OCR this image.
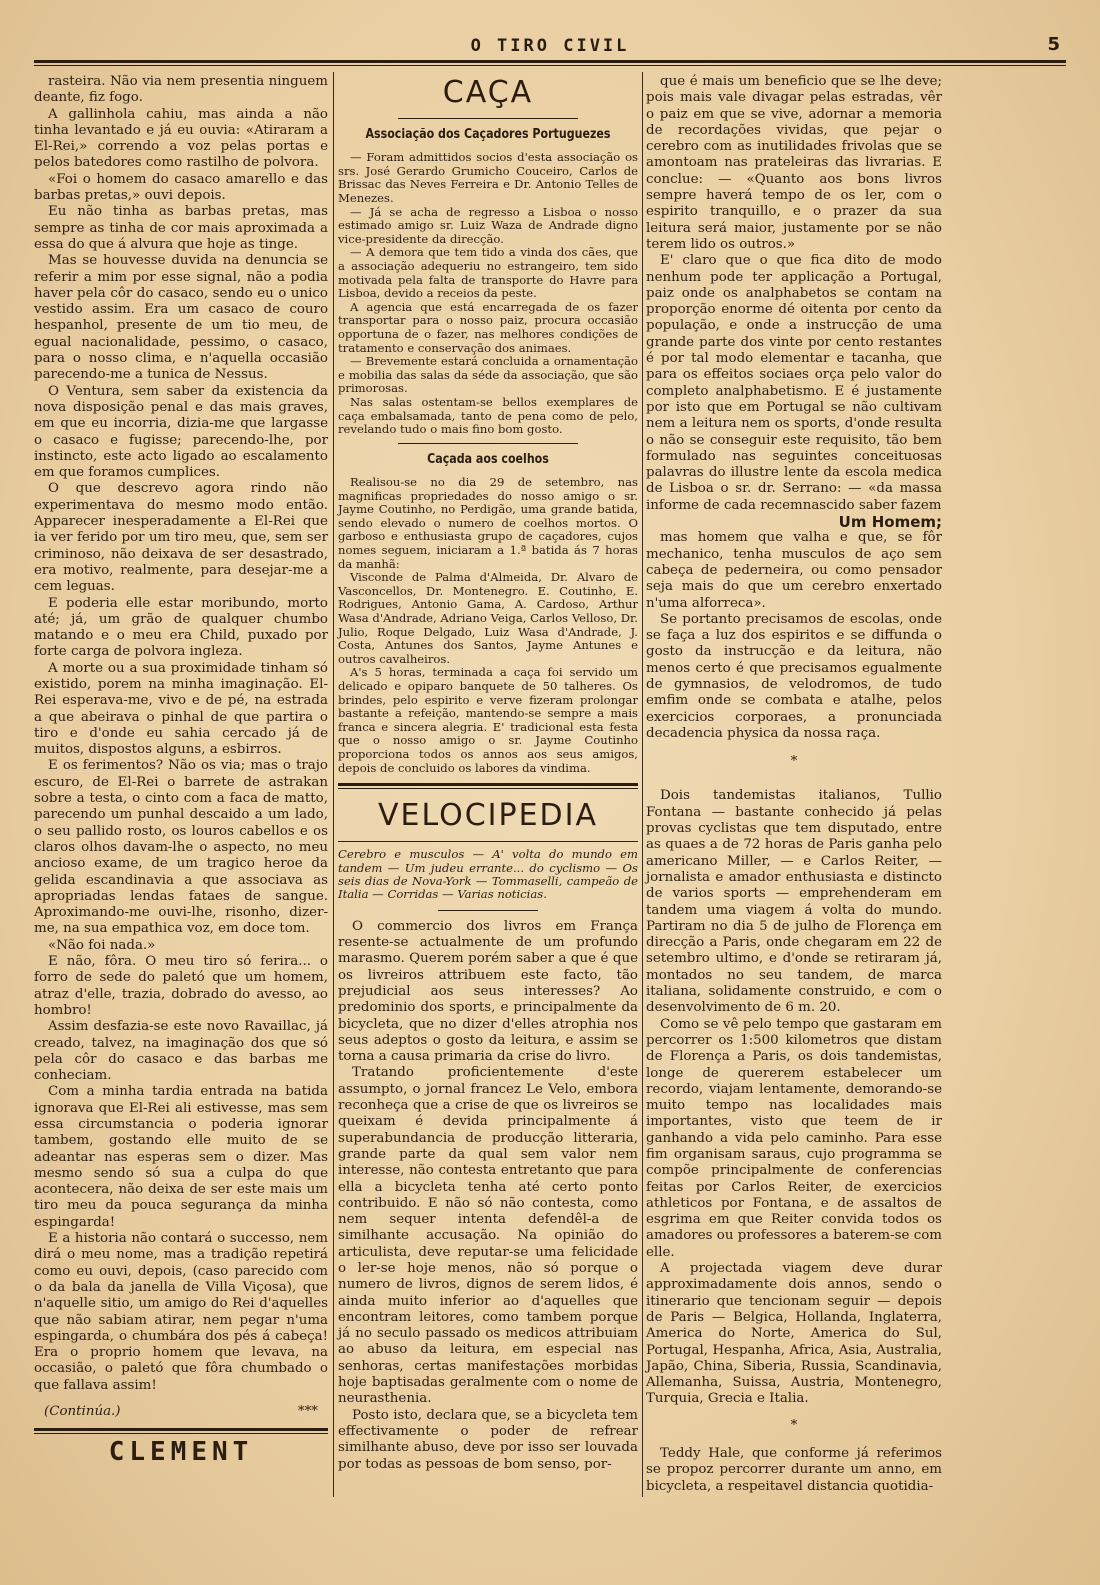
O TIRO CIVIL	5

rasteira. Não via nem presentia ninguem deante, fiz fogo.

A gallinhola cahiu, mas ainda a não tinha levantado e já eu ouvia: «Atiraram a El-Rei,» correndo a voz pelas portas e pelos batedores como rastilho de polvora.

«Foi o homem do casaco amarello e das barbas pretas,» ouvi depois.

Eu não tinha as barbas pretas, mas sempre as tinha de cor mais aproximada a essa do que á alvura que hoje as tinge.

Mas se houvesse duvida na denuncia se referir a mim por esse signal, não a podia haver pela côr do casaco, sendo eu o unico vestido assim. Era um casaco de couro hespanhol, presente de um tio meu, de egual nacionalidade, pessimo, o casaco, para o nosso clima, e n'aquella occasião parecendo-me a tunica de Nessus.

O Ventura, sem saber da existencia da nova disposição penal e das mais graves, em que eu incorria, dizia-me que largasse o casaco e fugisse; parecendo-lhe, por instincto, este acto ligado ao escalamento em que foramos cumplices.

O que descrevo agora rindo não experimentava do mesmo modo então. Apparecer inesperadamente a El-Rei que ia ver ferido por um tiro meu, que, sem ser criminoso, não deixava de ser desastrado, era motivo, realmente, para desejar-me a cem leguas.

E poderia elle estar moribundo, morto até; já, um grão de qualquer chumbo matando e o meu era Child, puxado por forte carga de polvora ingleza.

A morte ou a sua proximidade tinham só existido, porem na minha imaginação. El-Rei esperava-me, vivo e de pé, na estrada a que abeirava o pinhal de que partira o tiro e d'onde eu sahia cercado já de muitos, dispostos alguns, a esbirros.

E os ferimentos? Não os via; mas o trajo escuro, de El-Rei o barrete de astrakan sobre a testa, o cinto com a faca de matto, parecendo um punhal descaido a um lado, o seu pallido rosto, os louros cabellos e os claros olhos davam-lhe o aspecto, no meu ancioso exame, de um tragico heroe da gelida escandinavia a que associava as apropriadas lendas fataes de sangue. Aproximando-me ouvi-lhe, risonho, dizer-me, na sua empathica voz, em doce tom.

«Não foi nada.»

E não, fôra. O meu tiro só ferira... o forro de sede do paletó que um homem, atraz d'elle, trazia, dobrado do avesso, ao hombro!

Assim desfazia-se este novo Ravaillac, já creado, talvez, na imaginação dos que só pela côr do casaco e das barbas me conheciam.

Com a minha tardia entrada na batida ignorava que El-Rei ali estivesse, mas sem essa circumstancia o poderia ignorar tambem, gostando elle muito de se adeantar nas esperas sem o dizer. Mas mesmo sendo só sua a culpa do que acontecera, não deixa de ser este mais um tiro meu da pouca segurança da minha espingarda!

E a historia não contará o successo, nem dirá o meu nome, mas a tradição repetirá como eu ouvi, depois, (caso parecido com o da bala da janella de Villa Viçosa), que n'aquelle sitio, um amigo do Rei d'aquelles que não sabiam atirar, nem pegar n'uma espingarda, o chumbára dos pés á cabeça! Era o proprio homem que levava, na occasião, o paletó que fôra chumbado o que fallava assim!

(Continúa.)	***
CLEMENT
CAÇA
Associação dos Caçadores Portuguezes

— Foram admittidos socios d'esta associação os srs. José Gerardo Grumicho Couceiro, Carlos de Brissac das Neves Ferreira e Dr. Antonio Telles de Menezes.

— Já se acha de regresso a Lisboa o nosso estimado amigo sr. Luiz Waza de Andrade digno vice-presidente da direcção.

— A demora que tem tido a vinda dos cães, que a associação adequeriu no estrangeiro, tem sido motivada pela falta de transporte do Havre para Lisboa, devido a receios da peste.

A agencia que está encarregada de os fazer transportar para o nosso paiz, procura occasião opportuna de o fazer, nas melhores condições de tratamento e conservação dos animaes.

— Brevemente estará concluida a ornamentação e mobilia das salas da séde da associação, que são primorosas.

Nas salas ostentam-se bellos exemplares de caça embalsamada, tanto de pena como de pelo, revelando tudo o mais fino bom gosto.

Caçada aos coelhos

Realisou-se no dia 29 de setembro, nas magnificas propriedades do nosso amigo o sr. Jayme Coutinho, no Perdigão, uma grande batida, sendo elevado o numero de coelhos mortos. O garboso e enthusiasta grupo de caçadores, cujos nomes seguem, iniciaram a 1.ª batida ás 7 horas da manhã:

Visconde de Palma d'Almeida, Dr. Alvaro de Vasconcellos, Dr. Montenegro. E. Coutinho, E. Rodrigues, Antonio Gama, A. Cardoso, Arthur Wasa d'Andrade, Adriano Veiga, Carlos Velloso, Dr. Julio, Roque Delgado, Luiz Wasa d'Andrade, J. Costa, Antunes dos Santos, Jayme Antunes e outros cavalheiros.

A's 5 horas, terminada a caça foi servido um delicado e opiparo banquete de 50 talheres. Os brindes, pelo espirito e verve fizeram prolongar bastante a refeição, mantendo-se sempre a mais franca e sincera alegria. E' tradicional esta festa que o nosso amigo o sr. Jayme Coutinho proporciona todos os annos aos seus amigos, depois de concluido os labores da vindima.

VELOCIPEDIA
Cerebro e musculos — A' volta do mundo em tandem — Um judeu errante... do cyclismo — Os seis dias de Nova-York — Tommaselli, campeão de Italia — Corridas — Varias noticias.

O commercio dos livros em França resente-se actualmente de um profundo marasmo. Querem porém saber a que é que os livreiros attribuem este facto, tão prejudicial aos seus interesses? Ao predominio dos sports, e principalmente da bicycleta, que no dizer d'elles atrophia nos seus adeptos o gosto da leitura, e assim se torna a causa primaria da crise do livro.

Tratando proficientemente d'este assumpto, o jornal francez Le Velo, embora reconheça que a crise de que os livreiros se queixam é devida principalmente á superabundancia de producção litteraria, grande parte da qual sem valor nem interesse, não contesta entretanto que para ella a bicycleta tenha até certo ponto contribuido. E não só não contesta, como nem sequer intenta defendêl-a de similhante accusação. Na opinião do articulista, deve reputar-se uma felicidade o ler-se hoje menos, não só porque o numero de livros, dignos de serem lidos, é ainda muito inferior ao d'aquelles que encontram leitores, como tambem porque já no seculo passado os medicos attribuiam ao abuso da leitura, em especial nas senhoras, certas manifestações morbidas hoje baptisadas geralmente com o nome de neurasthenia.

Posto isto, declara que, se a bicycleta tem effectivamente o poder de refrear similhante abuso, deve por isso ser louvada por todas as pessoas de bom senso, por-

que é mais um beneficio que se lhe deve; pois mais vale divagar pelas estradas, vêr o paiz em que se vive, adornar a memoria de recordações vividas, que pejar o cerebro com as inutilidades frivolas que se amontoam nas prateleiras das livrarias. E conclue: — «Quanto aos bons livros sempre haverá tempo de os ler, com o espirito tranquillo, e o prazer da sua leitura será maior, justamente por se não terem lido os outros.»

E' claro que o que fica dito de modo nenhum pode ter applicação a Portugal, paiz onde os analphabetos se contam na proporção enorme dé oitenta por cento da população, e onde a instrucção de uma grande parte dos vinte por cento restantes é por tal modo elementar e tacanha, que para os effeitos sociaes orça pelo valor do completo analphabetismo. E é justamente por isto que em Portugal se não cultivam nem a leitura nem os sports, d'onde resulta o não se conseguir este requisito, tão bem formulado nas seguintes conceituosas palavras do illustre lente da escola medica de Lisboa o sr. dr. Serrano: — «da massa informe de cada recemnascido saber fazem

Um Homem;

mas homem que valha e que, se fôr mechanico, tenha musculos de aço sem cabeça de pederneira, ou como pensador seja mais do que um cerebro enxertado n'uma alforreca».

Se portanto precisamos de escolas, onde se faça a luz dos espiritos e se diffunda o gosto da instrucção e da leitura, não menos certo é que precisamos egualmente de gymnasios, de velodromos, de tudo emfim onde se combata e atalhe, pelos exercicios corporaes, a pronunciada decadencia physica da nossa raça.

*

Dois tandemistas italianos, Tullio Fontana — bastante conhecido já pelas provas cyclistas que tem disputado, entre as quaes a de 72 horas de Paris ganha pelo americano Miller, — e Carlos Reiter, — jornalista e amador enthusiasta e distincto de varios sports — emprehenderam em tandem uma viagem á volta do mundo. Partiram no dia 5 de julho de Florença em direcção a Paris, onde chegaram em 22 de setembro ultimo, e d'onde se retiraram já, montados no seu tandem, de marca italiana, solidamente construido, e com o desenvolvimento de 6 m. 20.

Como se vê pelo tempo que gastaram em percorrer os 1:500 kilometros que distam de Florença a Paris, os dois tandemistas, longe de quererem estabelecer um recordo, viajam lentamente, demorando-se muito tempo nas localidades mais importantes, visto que teem de ir ganhando a vida pelo caminho. Para esse fim organisam saraus, cujo programma se compõe principalmente de conferencias feitas por Carlos Reiter, de exercicios athleticos por Fontana, e de assaltos de esgrima em que Reiter convida todos os amadores ou professores a baterem-se com elle.

A projectada viagem deve durar approximadamente dois annos, sendo o itinerario que tencionam seguir — depois de Paris — Belgica, Hollanda, Inglaterra, America do Norte, America do Sul, Portugal, Hespanha, Africa, Asia, Australia, Japão, China, Siberia, Russia, Scandinavia, Allemanha, Suissa, Austria, Montenegro, Turquia, Grecia e Italia.

*

Teddy Hale, que conforme já referimos se propoz percorrer durante um anno, em bicycleta, a respeitavel distancia quotidia-
